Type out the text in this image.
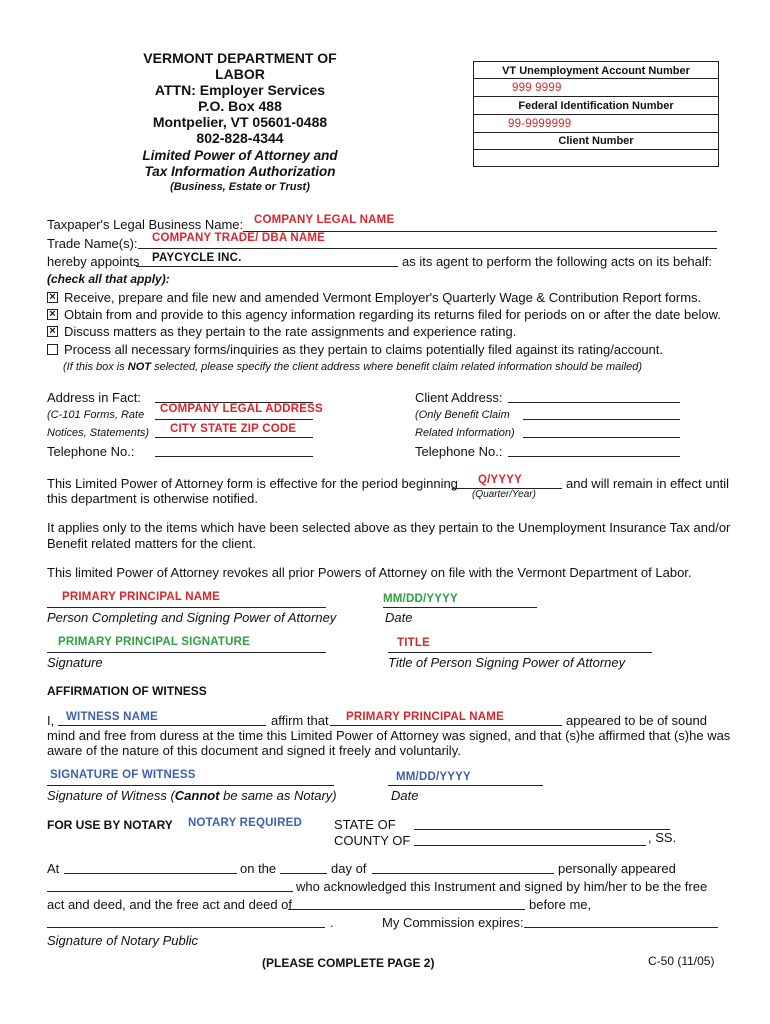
VERMONT DEPARTMENT OF LABOR
ATTN: Employer Services
P.O. Box 488
Montpelier, VT 05601-0488
802-828-4344
Limited Power of Attorney and
Tax Information Authorization
(Business, Estate or Trust)
VT Unemployment Account Number
999 9999
Federal Identification Number
99-9999999
Client Number
Taxpaper's Legal Business Name: COMPANY LEGAL NAME
Trade Name(s): COMPANY TRADE/ DBA NAME
hereby appoints PAYCYCLE INC.	as its agent to perform the following acts on its behalf:
(check all that apply):
× Receive, prepare and file new and amended Vermont Employer's Quarterly Wage & Contribution Report forms.
× Obtain from and provide to this agency information regarding its returns filed for periods on or after the date below.
× Discuss matters as they pertain to the rate assignments and experience rating.
Process all necessary forms/inquiries as they pertain to claims potentially filed against its rating/account.
(If this box is NOT selected, please specify the client address where benefit claim related information should be mailed)
Address in Fact:
(C-101 Forms, Rate COMPANY LEGAL ADDRESS
Notices, Statements) CITY STATE ZIP CODE
Telephone No.:
Client Address:
(Only Benefit Claim
Related Information)
Telephone No.:
This Limited Power of Attorney form is effective for the period beginning Q/YYYY	and will remain in effect until
this department is otherwise notified.	(Quarter/Year)
It applies only to the items which have been selected above as they pertain to the Unemployment Insurance Tax and/or
Benefit related matters for the client.
This limited Power of Attorney revokes all prior Powers of Attorney on file with the Vermont Department of Labor.
PRIMARY PRINCIPAL NAME
Person Completing and Signing Power of Attorney
MM/DD/YYYY
Date
PRIMARY PRINCIPAL SIGNATURE
Signature
TITLE
Title of Person Signing Power of Attorney
AFFIRMATION OF WITNESS
I, WITNESS NAME	affirm that PRIMARY PRINCIPAL NAME	appeared to be of sound
mind and free from duress at the time this Limited Power of Attorney was signed, and that (s)he affirmed that (s)he was
aware of the nature of this document and signed it freely and voluntarily.
SIGNATURE OF WITNESS
Signature of Witness (Cannot be same as Notary)
MM/DD/YYYY
Date
FOR USE BY NOTARY NOTARY REQUIRED STATE OF
COUNTY OF	, SS.
At	on the	day of	personally appeared
who acknowledged this Instrument and signed by him/her to be the free
act and deed, and the free act and deed of	before me,
.	My Commission expires:
Signature of Notary Public
(PLEASE COMPLETE PAGE 2)	C-50 (11/05)
